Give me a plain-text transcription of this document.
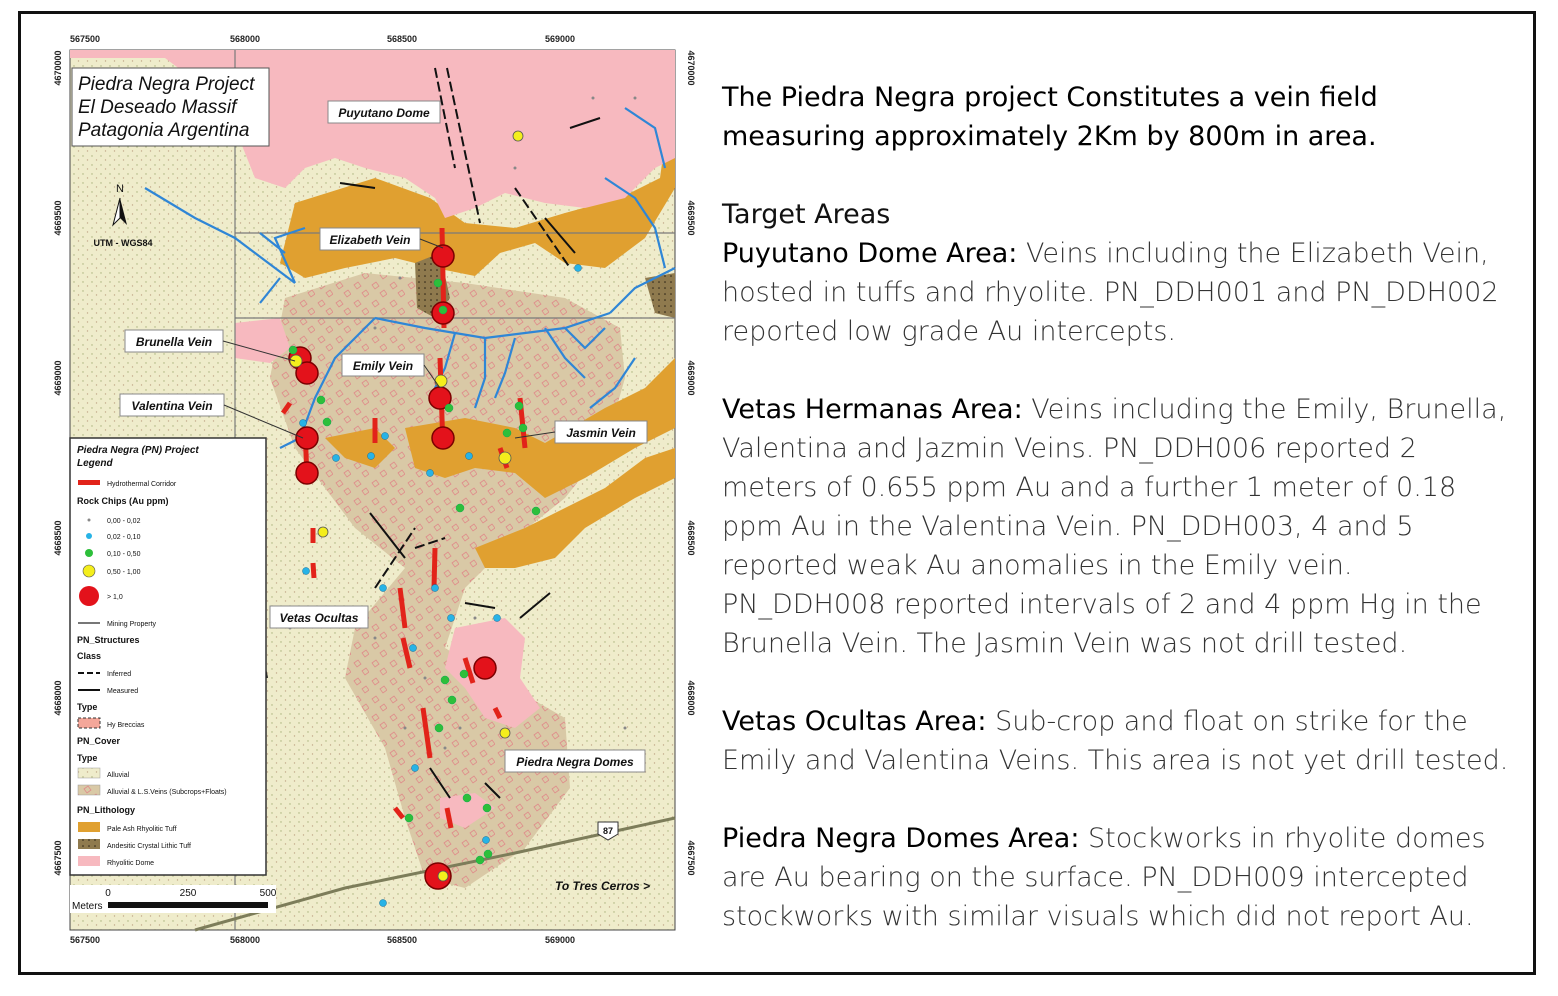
567500	568000	568500	569000
567500	568000	568500	569000
4670000
4669500
4669000
4668500
4668000
4667500
4670000
4669500
4669000
4668500
4668000
4667500
Piedra Negra Project
El Deseado Massif
Patagonia Argentina
N
UTM - WGS84
Puyutano Dome
Elizabeth Vein
Brunella Vein
Emily Vein
Valentina Vein
Jasmin Vein
Vetas Ocultas
Piedra Negra Domes
To Tres Cerros >
87
0	250	500
Meters
Piedra Negra (PN) Project
Legend
Hydrothermal Corridor
Rock Chips (Au ppm)
0,00 - 0,02
0,02 - 0,10
0,10 - 0,50
0,50 - 1,00
> 1,0
Mining Property
PN_Structures
Class
Inferred
Measured
Type
Hy Breccias
PN_Cover
Type
Alluvial
Alluvial & L.S.Veins (Subcrops+Floats)
PN_Lithology
Pale Ash Rhyolitic Tuff
Andesitic Crystal Lithic Tuff
Rhyolitic Dome

The Piedra Negra project Constitutes a vein field measuring approximately 2Km by 800m in area.

Target Areas
Puyutano Dome Area: Veins including the Elizabeth Vein, hosted in tuffs and rhyolite. PN_DDH001 and PN_DDH002 reported low grade Au intercepts.

Vetas Hermanas Area: Veins including the Emily, Brunella, Valentina and Jazmin Veins. PN_DDH006 reported 2 meters of 0.655 ppm Au and a further 1 meter of 0.18 ppm Au in the Valentina Vein. PN_DDH003, 4 and 5 reported weak Au anomalies in the Emily vein. PN_DDH008 reported intervals of 2 and 4 ppm Hg in the Brunella Vein. The Jasmin Vein was not drill tested.

Vetas Ocultas Area: Sub-crop and float on strike for the Emily and Valentina Veins. This area is not yet drill tested.

Piedra Negra Domes Area: Stockworks in rhyolite domes are Au bearing on the surface. PN_DDH009 intercepted stockworks with similar visuals which did not report Au.
